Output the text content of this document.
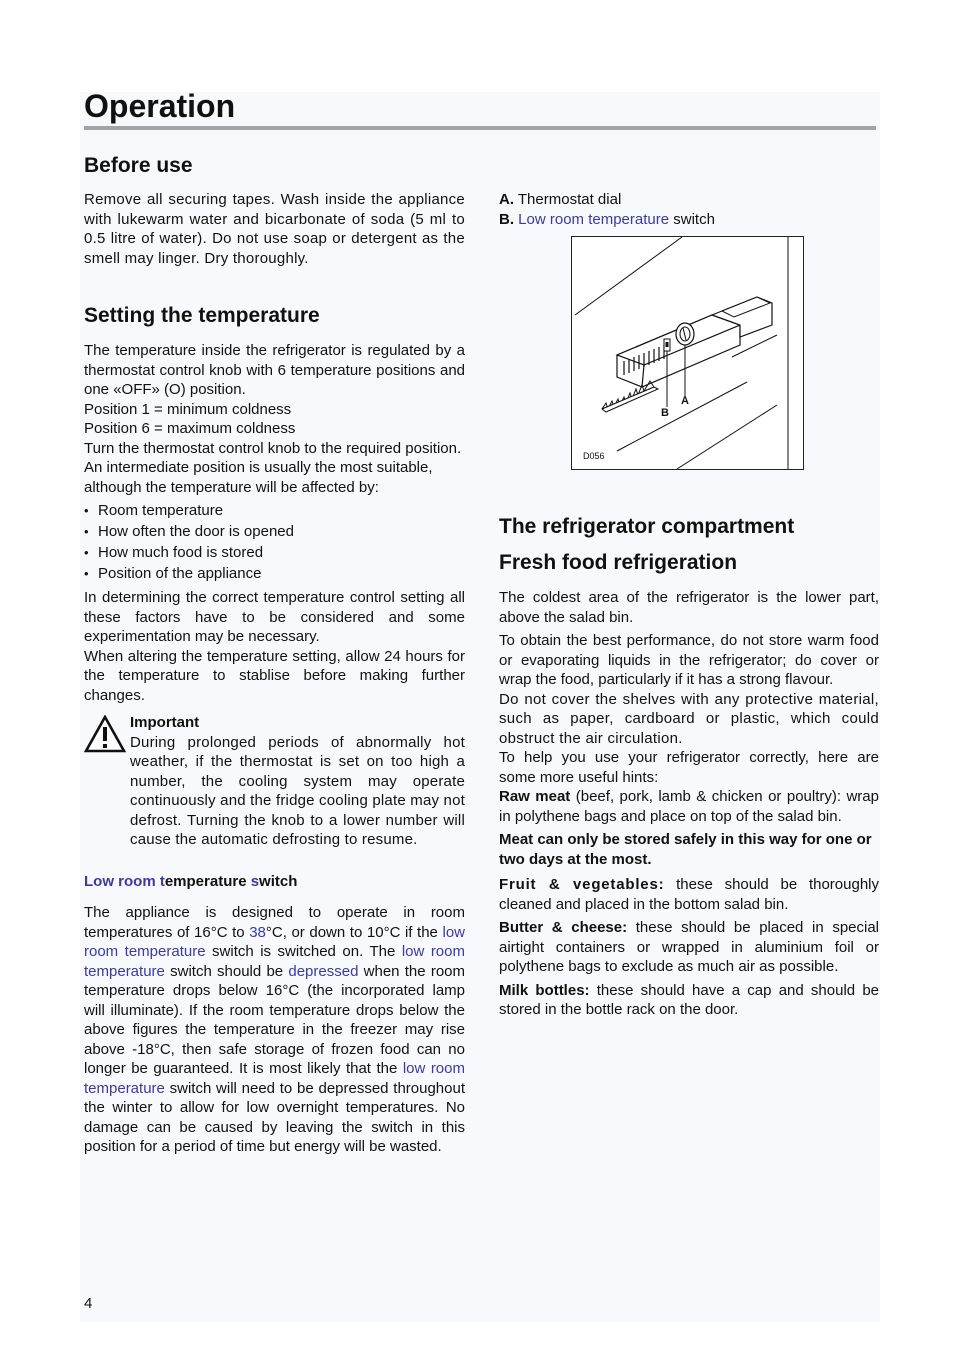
Operation
Before use

Remove all securing tapes. Wash inside the appliance with lukewarm water and bicarbonate of soda (5 ml to 0.5 litre of water). Do not use soap or detergent as the smell may linger. Dry thoroughly.

Setting the temperature

The temperature inside the refrigerator is regulated by a thermostat control knob with 6 temperature positions and one «OFF» (O) position.

Position 1 = minimum coldness

Position 6 = maximum coldness

Turn the thermostat control knob to the required position.

An intermediate position is usually the most suitable, although the temperature will be affected by:

• Room temperature
• How often the door is opened
• How much food is stored
• Position of the appliance

In determining the correct temperature control setting all these factors have to be considered and some experimentation may be necessary.

When altering the temperature setting, allow 24 hours for the temperature to stablise before making further changes.

Important

During prolonged periods of abnormally hot weather, if the thermostat is set on too high a number, the cooling system may operate continuously and the fridge cooling plate may not defrost. Turning the knob to a lower number will cause the automatic defrosting to resume.

Low room temperature switch

The appliance is designed to operate in room temperatures of 16°C to 38°C, or down to 10°C if the low room temperature switch is switched on. The low room temperature switch should be depressed when the room temperature drops below 16°C (the incorporated lamp will illuminate). If the room temperature drops below the above figures the temperature in the freezer may rise above -18°C, then safe storage of frozen food can no longer be guaranteed. It is most likely that the low room temperature switch will need to be depressed throughout the winter to allow for low overnight temperatures. No damage can be caused by leaving the switch in this position for a period of time but energy will be wasted.

A. Thermostat dial

B. Low room temperature switch

A
B
D056
The refrigerator compartment
Fresh food refrigeration

The coldest area of the refrigerator is the lower part, above the salad bin.

To obtain the best performance, do not store warm food or evaporating liquids in the refrigerator; do cover or wrap the food, particularly if it has a strong flavour.

Do not cover the shelves with any protective material, such as paper, cardboard or plastic, which could obstruct the air circulation.

To help you use your refrigerator correctly, here are some more useful hints:

Raw meat (beef, pork, lamb & chicken or poultry): wrap in polythene bags and place on top of the salad bin.

Meat can only be stored safely in this way for one or two days at the most.

Fruit & vegetables: these should be thoroughly cleaned and placed in the bottom salad bin.

Butter & cheese: these should be placed in special airtight containers or wrapped in aluminium foil or polythene bags to exclude as much air as possible.

Milk bottles: these should have a cap and should be stored in the bottle rack on the door.

4
